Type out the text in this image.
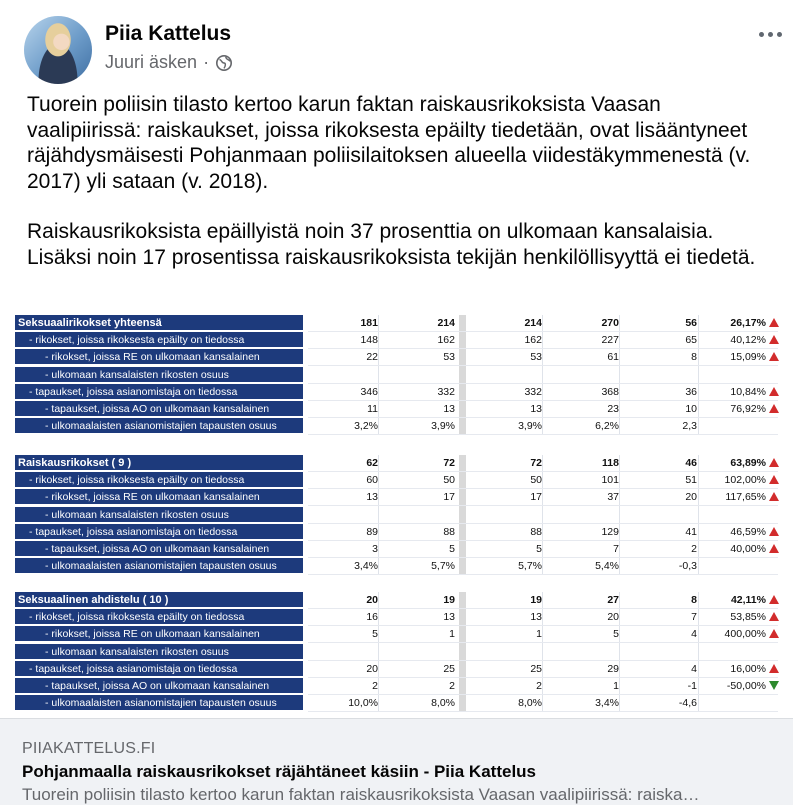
Piia Kattelus
Juuri äsken ·

Tuorein poliisin tilasto kertoo karun faktan raiskausrikoksista Vaasan vaalipiirissä: raiskaukset, joissa rikoksesta epäilty tiedetään, ovat lisääntyneet räjähdysmäisesti Pohjanmaan poliisilaitoksen alueella viidestäkymmenestä (v. 2017) yli sataan (v. 2018).

Raiskausrikoksista epäillyistä noin 37 prosenttia on ulkomaan kansalaisia. Lisäksi noin 17 prosentissa raiskausrikoksista tekijän henkilöllisyyttä ei tiedetä.

Seksuaalirikokset yhteensä	181	214	214	270	56	26,17%
- rikokset, joissa rikoksesta epäilty on tiedossa	148	162	162	227	65	40,12%
- rikokset, joissa RE on ulkomaan kansalainen	22	53	53	61	8	15,09%
- ulkomaan kansalaisten rikosten osuus
- tapaukset, joissa asianomistaja on tiedossa	346	332	332	368	36	10,84%
- tapaukset, joissa AO on ulkomaan kansalainen	11	13	13	23	10	76,92%
- ulkomaalaisten asianomistajien tapausten osuus	3,2%	3,9%	3,9%	6,2%	2,3
Raiskausrikokset ( 9 )	62	72	72	118	46	63,89%
- rikokset, joissa rikoksesta epäilty on tiedossa	60	50	50	101	51	102,00%
- rikokset, joissa RE on ulkomaan kansalainen	13	17	17	37	20	117,65%
- ulkomaan kansalaisten rikosten osuus
- tapaukset, joissa asianomistaja on tiedossa	89	88	88	129	41	46,59%
- tapaukset, joissa AO on ulkomaan kansalainen	3	5	5	7	2	40,00%
- ulkomaalaisten asianomistajien tapausten osuus	3,4%	5,7%	5,7%	5,4%	-0,3
Seksuaalinen ahdistelu ( 10 )	20	19	19	27	8	42,11%
- rikokset, joissa rikoksesta epäilty on tiedossa	16	13	13	20	7	53,85%
- rikokset, joissa RE on ulkomaan kansalainen	5	1	1	5	4	400,00%
- ulkomaan kansalaisten rikosten osuus
- tapaukset, joissa asianomistaja on tiedossa	20	25	25	29	4	16,00%
- tapaukset, joissa AO on ulkomaan kansalainen	2	2	2	1	-1	-50,00%
- ulkomaalaisten asianomistajien tapausten osuus	10,0%	8,0%	8,0%	3,4%	-4,6
PIIAKATTELUS.FI
Pohjanmaalla raiskausrikokset räjähtäneet käsiin - Piia Kattelus
Tuorein poliisin tilasto kertoo karun faktan raiskausrikoksista Vaasan vaalipiirissä: raiska…
